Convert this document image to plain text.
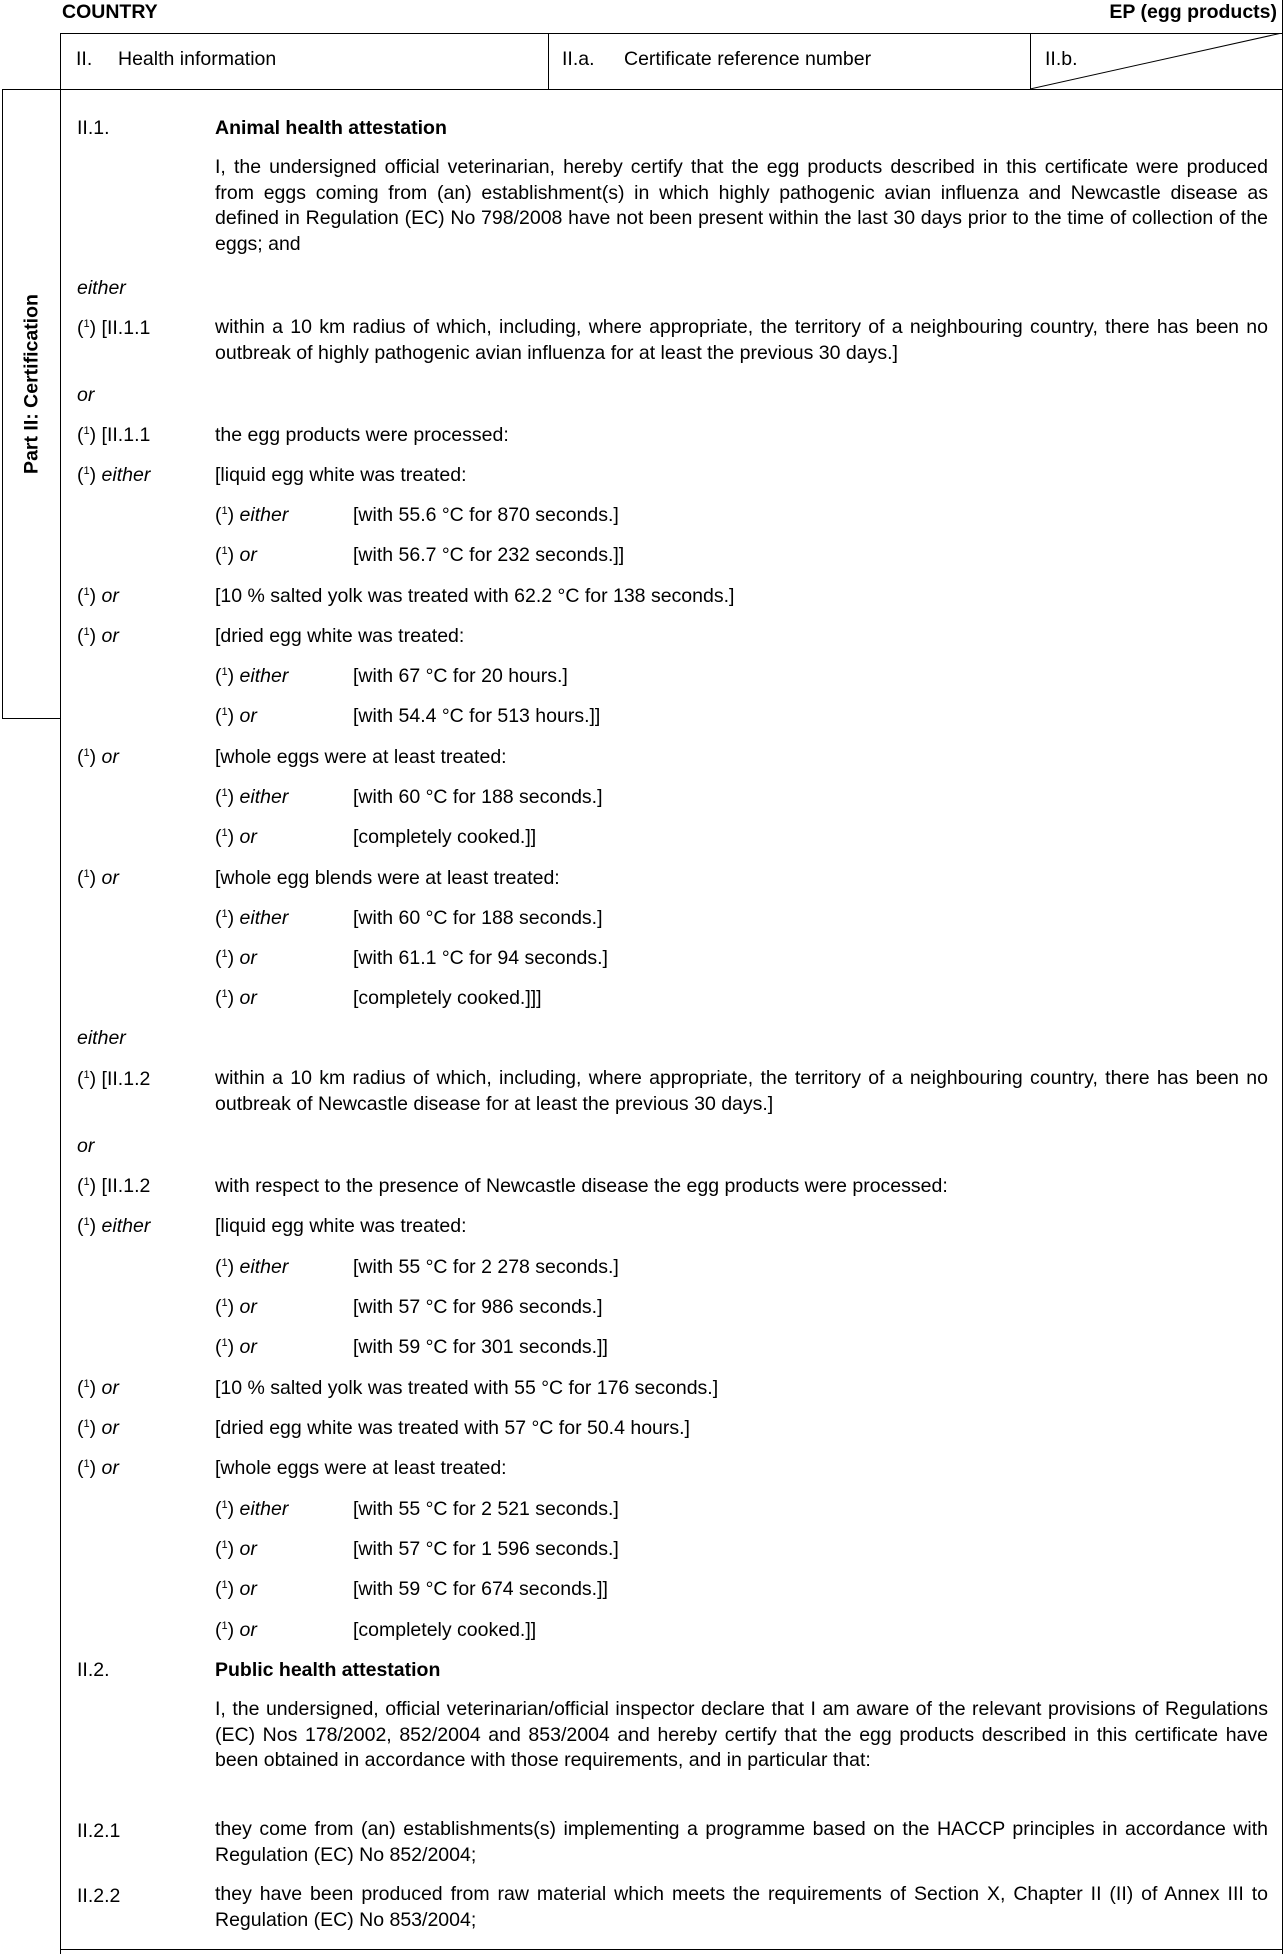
Part II: Certification
COUNTRY	EP (egg products)
II. Health information	II.a. Certificate reference number	II.b.
II.1.	Animal health attestation
I, the undersigned official veterinarian, hereby certify that the egg products described in this certificate were produced from eggs coming from (an) establishment(s) in which highly pathogenic avian influenza and Newcastle disease as defined in Regulation (EC) No 798/2008 have not been present within the last 30 days prior to the time of collection of the eggs; and
either
($^1$) [II.1.1	within a 10 km radius of which, including, where appropriate, the territory of a neighbouring country, there has been no outbreak of highly pathogenic avian influenza for at least the previous 30 days.]
or
($^1$) [II.1.1	the egg products were processed:
($^1$) either	[liquid egg white was treated:
($^1$) either	[with 55.6 °C for 870 seconds.]
($^1$) or	[with 56.7 °C for 232 seconds.]]
($^1$) or	[10 % salted yolk was treated with 62.2 °C for 138 seconds.]
($^1$) or	[dried egg white was treated:
($^1$) either	[with 67 °C for 20 hours.]
($^1$) or	[with 54.4 °C for 513 hours.]]
($^1$) or	[whole eggs were at least treated:
($^1$) either	[with 60 °C for 188 seconds.]
($^1$) or	[completely cooked.]]
($^1$) or	[whole egg blends were at least treated:
($^1$) either	[with 60 °C for 188 seconds.]
($^1$) or	[with 61.1 °C for 94 seconds.]
($^1$) or	[completely cooked.]]]
either
($^1$) [II.1.2	within a 10 km radius of which, including, where appropriate, the territory of a neighbouring country, there has been no outbreak of Newcastle disease for at least the previous 30 days.]
or
($^1$) [II.1.2	with respect to the presence of Newcastle disease the egg products were processed:
($^1$) either	[liquid egg white was treated:
($^1$) either	[with 55 °C for 2 278 seconds.]
($^1$) or	[with 57 °C for 986 seconds.]
($^1$) or	[with 59 °C for 301 seconds.]]
($^1$) or	[10 % salted yolk was treated with 55 °C for 176 seconds.]
($^1$) or	[dried egg white was treated with 57 °C for 50.4 hours.]
($^1$) or	[whole eggs were at least treated:
($^1$) either	[with 55 °C for 2 521 seconds.]
($^1$) or	[with 57 °C for 1 596 seconds.]
($^1$) or	[with 59 °C for 674 seconds.]]
($^1$) or	[completely cooked.]]
II.2.	Public health attestation
I, the undersigned, official veterinarian/official inspector declare that I am aware of the relevant provisions of Regulations (EC) Nos 178/2002, 852/2004 and 853/2004 and hereby certify that the egg products described in this certificate have been obtained in accordance with those requirements, and in particular that:
II.2.1	they come from (an) establishments(s) implementing a programme based on the HACCP principles in accordance with Regulation (EC) No 852/2004;
II.2.2	they have been produced from raw material which meets the requirements of Section X, Chapter II (II) of Annex III to Regulation (EC) No 853/2004;
